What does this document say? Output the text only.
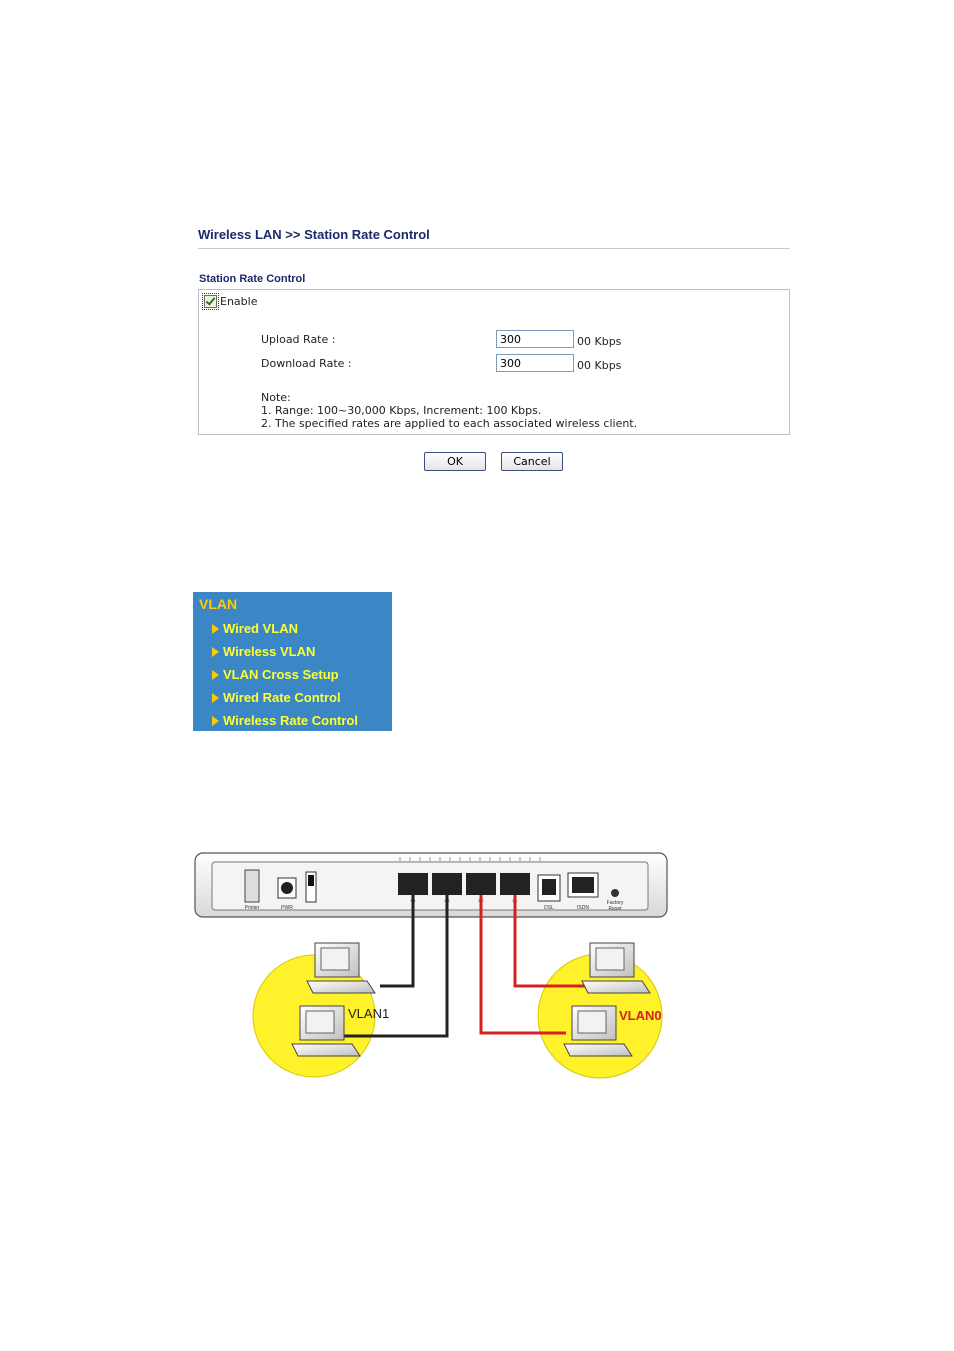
Wireless LAN >> Station Rate Control
Station Rate Control
Enable
Upload Rate :
300	00 Kbps
Download Rate :
300	00 Kbps
Note:
1. Range: 100~30,000 Kbps, Increment: 100 Kbps.
2. The specified rates are applied to each associated wireless client.
OK	Cancel
VLAN
Wired VLAN
Wireless VLAN
VLAN Cross Setup
Wired Rate Control
Wireless Rate Control
Printer	PWR
P4	P3	P2	P1
DSL	ISDN
Factory
Reset
VLAN1	VLAN0
